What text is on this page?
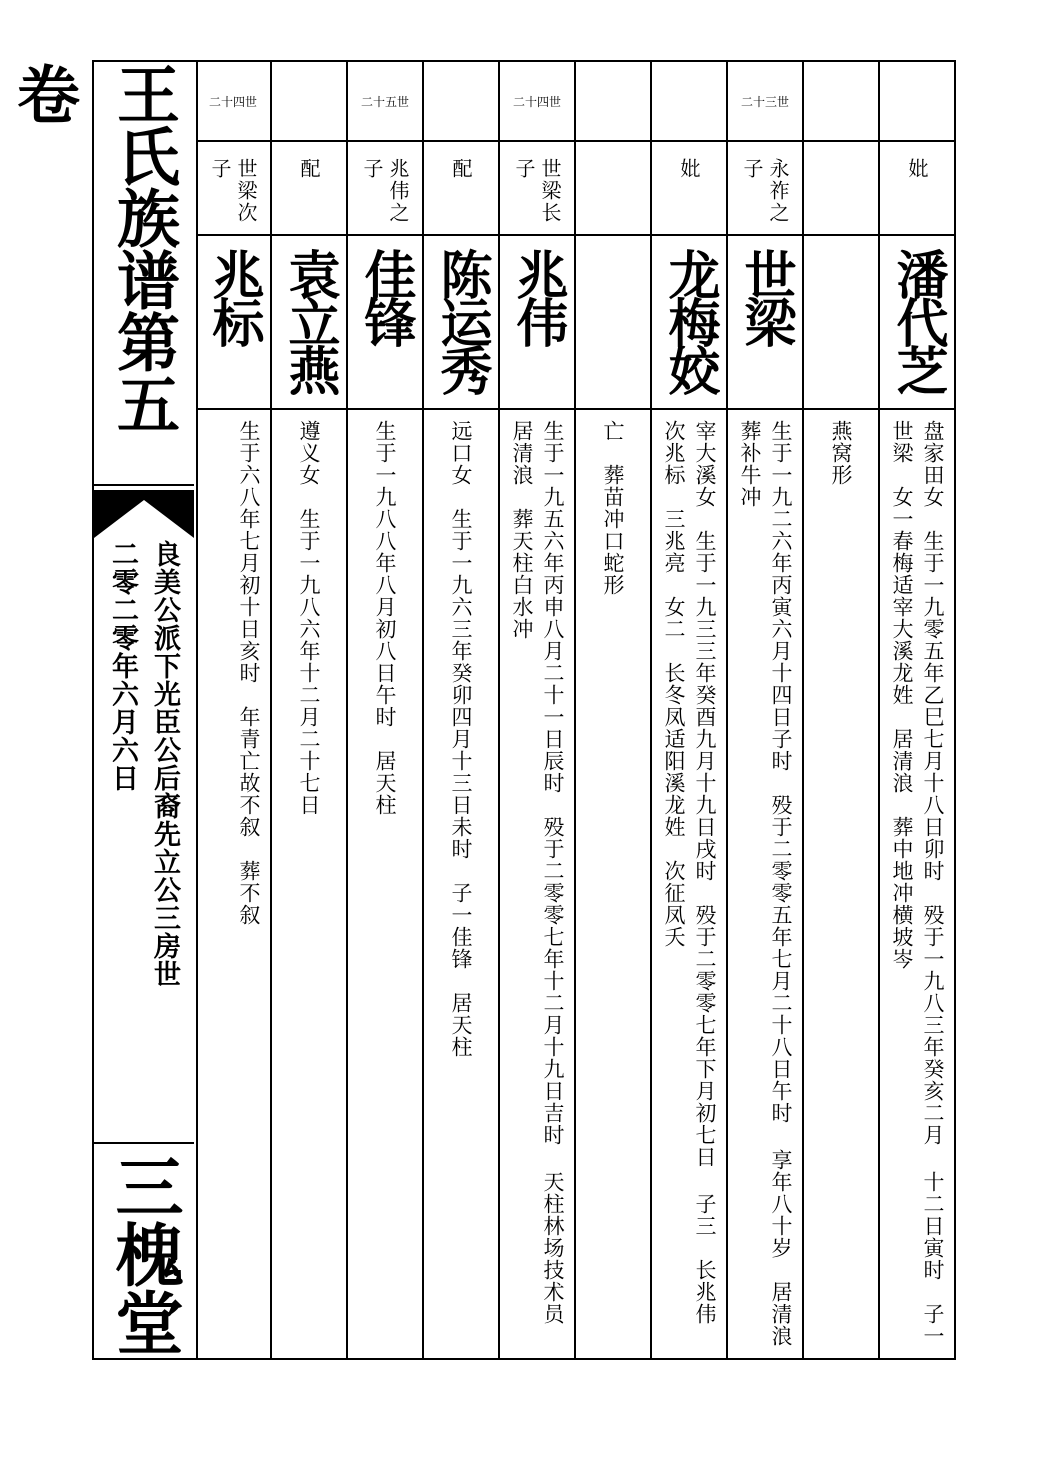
王氏族谱第五卷
良美公派下光臣公后裔先立公三房世
二零二零年六月六日
三槐堂
二十四世
世梁次子
兆标
生于六八年七月初十日亥时　年青亡故不叙　葬不叙
配
袁立燕
遵义女　生于一九八六年十二月二十七日
二十五世
兆伟之子
佳锋
生于一九八八年八月初八日午时　居天柱
配
陈运秀
远口女　生于一九六三年癸卯四月十三日未时　子一佳锋　居天柱
二十四世
世梁长子
兆伟
生于一九五六年丙申八月二十一日辰时　殁于二零零七年十二月十九日吉时 天柱林场技术员　居清浪　葬天柱白水冲	亡　葬苗冲口蛇形
妣
龙梅姣
宰大溪女　生于一九三三年癸酉九月十九日戌时　殁于二零零七年下月初七日 子三　长兆伟　次兆标　三兆亮　女二　长冬凤适阳溪龙姓　次征凤夭
二十三世
永祚之子
世梁
生于一九二六年丙寅六月十四日子时　殁于二零零五年七月二十八日午时 享年八十岁　居清浪　葬补牛冲	燕窝形
妣
潘代芝
盘家田女　生于一九零五年乙巳七月十八日卯时　殁于一九八三年癸亥二月 十二日寅时　子一世梁　女一春梅适宰大溪龙姓　居清浪　葬中地冲横坡岑
